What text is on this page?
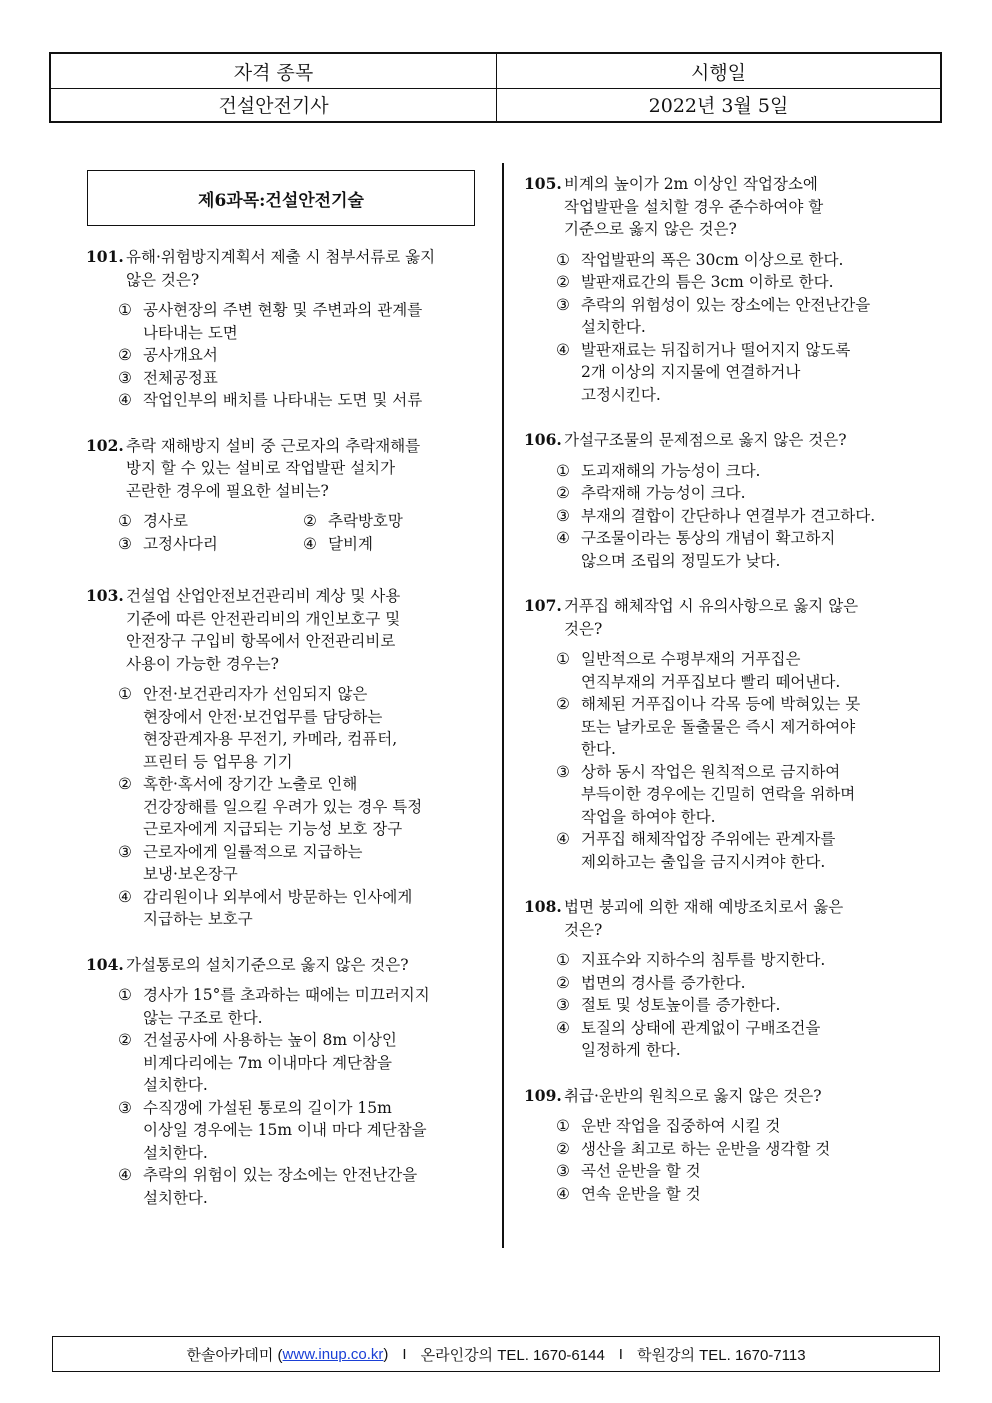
자격 종목	시행일
건설안전기사	2022년 3월 5일
제6과목:건설안전기술
101. 유해·위험방지계획서 제출 시 첨부서류로 옳지
않은 것은?
① 공사현장의 주변 현황 및 주변과의 관계를
나타내는 도면
② 공사개요서
③ 전체공정표
④ 작업인부의 배치를 나타내는 도면 및 서류
102. 추락 재해방지 설비 중 근로자의 추락재해를
방지 할 수 있는 설비로 작업발판 설치가
곤란한 경우에 필요한 설비는?
① 경사로	② 추락방호망
③ 고정사다리	④ 달비계
103. 건설업 산업안전보건관리비 계상 및 사용
기준에 따른 안전관리비의 개인보호구 및
안전장구 구입비 항목에서 안전관리비로
사용이 가능한 경우는?
① 안전·보건관리자가 선임되지 않은
현장에서 안전·보건업무를 담당하는
현장관계자용 무전기, 카메라, 컴퓨터,
프린터 등 업무용 기기
② 혹한·혹서에 장기간 노출로 인해
건강장해를 일으킬 우려가 있는 경우 특정
근로자에게 지급되는 기능성 보호 장구
③ 근로자에게 일률적으로 지급하는
보냉·보온장구
④ 감리원이나 외부에서 방문하는 인사에게
지급하는 보호구
104. 가설통로의 설치기준으로 옳지 않은 것은?
① 경사가 15°를 초과하는 때에는 미끄러지지
않는 구조로 한다.
② 건설공사에 사용하는 높이 8m 이상인
비계다리에는 7m 이내마다 계단참을
설치한다.
③ 수직갱에 가설된 통로의 길이가 15m
이상일 경우에는 15m 이내 마다 계단참을
설치한다.
④ 추락의 위험이 있는 장소에는 안전난간을
설치한다.
105. 비계의 높이가 2m 이상인 작업장소에
작업발판을 설치할 경우 준수하여야 할
기준으로 옳지 않은 것은?
① 작업발판의 폭은 30cm 이상으로 한다.
② 발판재료간의 틈은 3cm 이하로 한다.
③ 추락의 위험성이 있는 장소에는 안전난간을
설치한다.
④ 발판재료는 뒤집히거나 떨어지지 않도록
2개 이상의 지지물에 연결하거나
고정시킨다.
106. 가설구조물의 문제점으로 옳지 않은 것은?
① 도괴재해의 가능성이 크다.
② 추락재해 가능성이 크다.
③ 부재의 결합이 간단하나 연결부가 견고하다.
④ 구조물이라는 통상의 개념이 확고하지
않으며 조립의 정밀도가 낮다.
107. 거푸집 해체작업 시 유의사항으로 옳지 않은
것은?
① 일반적으로 수평부재의 거푸집은
연직부재의 거푸집보다 빨리 떼어낸다.
② 해체된 거푸집이나 각목 등에 박혀있는 못
또는 날카로운 돌출물은 즉시 제거하여야
한다.
③ 상하 동시 작업은 원칙적으로 금지하여
부득이한 경우에는 긴밀히 연락을 위하며
작업을 하여야 한다.
④ 거푸집 해체작업장 주위에는 관계자를
제외하고는 출입을 금지시켜야 한다.
108. 법면 붕괴에 의한 재해 예방조치로서 옳은
것은?
① 지표수와 지하수의 침투를 방지한다.
② 법면의 경사를 증가한다.
③ 절토 및 성토높이를 증가한다.
④ 토질의 상태에 관계없이 구배조건을
일정하게 한다.
109. 취급·운반의 원칙으로 옳지 않은 것은?
① 운반 작업을 집중하여 시킬 것
② 생산을 최고로 하는 운반을 생각할 것
③ 곡선 운반을 할 것
④ 연속 운반을 할 것
한솔아카데미 ( www.inup.co.kr ) I 온라인강의 TEL. 1670-6144 I 학원강의 TEL. 1670-7113
